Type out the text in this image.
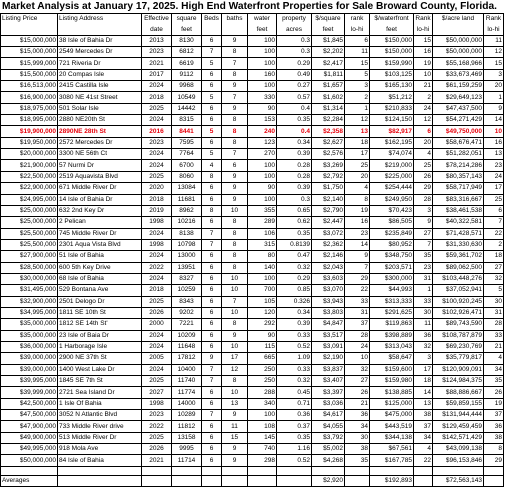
Market Analysis at January 17, 2025. High End Waterfront Properties for Sale Broward County, Florida.
Listing Price	Listing Address	Effective	square	Beds	baths	water	property	$/square	rank	$/waterfront	Rank	$/acre land	Rank
		date	feet			feet	acres	feet	lo-hi	feet	lo-hi		lo-hi
$15,000,000	38 Isle of Bahia Dr	2013	8130	6	9	100	0.3	$1,845	6	$150,000	15	$50,000,000	11
$15,000,000	2549 Mercedes Dr	2023	6812	7	8	100	0.3	$2,202	11	$150,000	16	$50,000,000	12
$15,999,000	721 Riveria Dr	2021	6619	5	7	100	0.29	$2,417	15	$159,990	19	$55,168,966	15
$15,500,000	20 Compas Isle	2017	9112	6	8	160	0.49	$1,811	5	$103,125	10	$33,673,469	3
$16,513,000	2415 Castilla Isle	2024	9968	6	9	100	0.27	$1,657	3	$165,130	21	$61,159,259	20
$16,900,000	3080 NE 41st Street	2018	10549	5	7	330	0.57	$1,602	2	$51,212	2	$29,649,123	1
$18,975,000	501 Solar Isle	2025	14442	6	9	90	0.4	$1,314	1	$210,833	24	$47,437,500	9
$18,995,000	2880 NE20th St	2024	8315	6	8	153	0.35	$2,284	12	$124,150	12	$54,271,429	14
$19,900,000	2890NE 28th St	2016	8441	5	8	240	0.4	$2,358	13	$82,917	6	$49,750,000	10
$19,950,000	2572 Mercedes Dr	2023	7595	6	8	123	0.34	$2,627	18	$162,195	20	$58,676,471	16
$20,000,000	3300 NE 56th Ct	2024	7764	5	7	270	0.39	$2,576	17	$74,074	4	$51,282,051	13
$21,900,000	57 Nurmi Dr	2024	6700	4	6	100	0.28	$3,269	25	$219,000	25	$78,214,286	23
$22,500,000	2519 Aquavista Blvd	2025	8060	8	9	100	0.28	$2,792	20	$225,000	26	$80,357,143	24
$22,900,000	671 Middle River Dr	2020	13084	6	9	90	0.39	$1,750	4	$254,444	29	$58,717,949	17
$24,995,000	14 Isle of Bahia Dr	2018	11681	6	9	100	0.3	$2,140	8	$249,950	28	$83,316,667	25
$25,000,000	632 2nd Key Dr	2019	8962	8	10	355	0.65	$2,790	19	$70,423	3	$38,461,538	6
$25,000,000	2 Pelican	1998	10216	6	8	289	0.62	$2,447	16	$86,505	9	$40,322,581	7
$25,500,000	745 Middle River Dr	2024	8138	7	8	106	0.35	$3,072	23	$235,849	27	$71,428,571	22
$25,500,000	2301 Aqua Vista Blvd	1998	10798	7	8	315	0.8139	$2,362	14	$80,952	7	$31,330,630	2
$27,900,000	51 Isle of Bahia	2024	13000	6	8	80	0.47	$2,146	9	$348,750	35	$59,361,702	18
$28,500,000	600 5th Key Drive	2022	13951	6	8	140	0.32	$2,043	7	$203,571	23	$89,062,500	27
$30,000,000	68 Isle of Bahia	2024	8327	6	10	100	0.29	$3,603	29	$300,000	31	$103,448,276	32
$31,495,000	529 Bontana Ave	2018	10259	6	10	700	0.85	$3,070	22	$44,993	1	$37,052,941	5
$32,900,000	2501 Delogo Dr	2025	8343	6	7	105	0.326	$3,943	33	$313,333	33	$100,920,245	30
$34,995,000	1811 SE 10th St	2026	9202	6	10	120	0.34	$3,803	31	$291,625	30	$102,926,471	31
$35,000,000	1812 SE 14th St'	2000	7221	6	8	292	0.39	$4,847	37	$119,863	11	$89,743,590	28
$35,000,000	23 Isle of Baia Dr	2024	10209	6	9	90	0.33	$3,517	28	$398,889	36	$108,787,879	33
$36,000,000	1 Harborage Isle	2024	11648	6	10	115	0.52	$3,091	24	$313,043	32	$69,230,769	21
$39,000,000	2900 NE 37th St	2005	17812	9	17	665	1.09	$2,190	10	$58,647	3	$35,779,817	4
$39,000,000	1400 West Lake Dr	2024	10400	7	12	250	0.33	$3,837	32	$159,600	17	$120,909,091	34
$39,995,000	1845 SE 7th St	2025	11740	7	8	250	0.32	$3,407	27	$159,980	18	$124,984,375	35
$39,999,000	2721 Sea Island Dr	2027	11774	6	10	288	0.45	$3,397	26	$138,885	14	$88,886,667	26
$42,500,000	1 Isle Of Bahia	1998	14000	6	13	340	0.71	$3,036	21	$125,000	13	$59,859,155	19
$47,500,000	3052 N Atlantic Blvd	2023	10289	7	9	100	0.36	$4,617	36	$475,000	38	$131,944,444	37
$47,900,000	733 Middle River drive	2022	11812	6	11	108	0.37	$4,055	34	$443,519	37	$129,459,459	36
$49,900,000	513 Middle River Dr	2025	13158	6	15	145	0.35	$3,792	30	$344,138	34	$142,571,429	38
$49,995,000	918 Mola Ave	2026	9995	6	9	740	1.16	$5,002	38	$67,561	4	$43,099,138	8
$50,000,000	84 Isle of Bahia	2021	11714	6	9	298	0.52	$4,268	35	$167,785	22	$96,153,846	29

Averages								$2,920		$192,893		$72,563,143	
